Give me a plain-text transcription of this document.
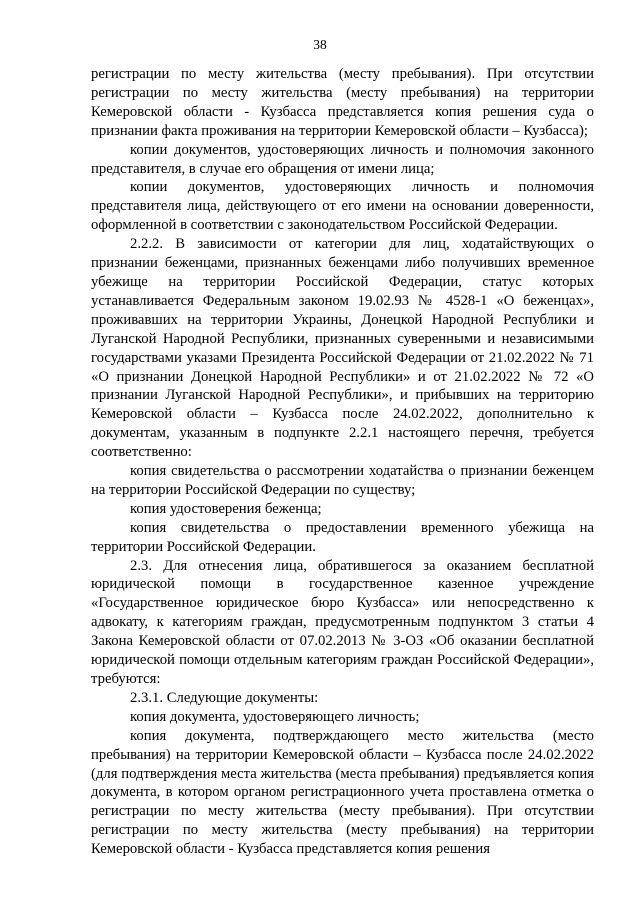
38

регистрации по месту жительства (месту пребывания). При отсутствии регистрации по месту жительства (месту пребывания) на территории Кемеровской области - Кузбасса представляется копия решения суда о признании факта проживания на территории Кемеровской области – Кузбасса);

копии документов, удостоверяющих личность и полномочия законного представителя, в случае его обращения от имени лица;

копии документов, удостоверяющих личность и полномочия представителя лица, действующего от его имени на основании доверенности, оформленной в соответствии с законодательством Российской Федерации.

2.2.2. В зависимости от категории для лиц, ходатайствующих о признании беженцами, признанных беженцами либо получивших временное убежище на территории Российской Федерации, статус которых устанавливается Федеральным законом 19.02.93 № 4528-1 «О беженцах», проживавших на территории Украины, Донецкой Народной Республики и Луганской Народной Республики, признанных суверенными и независимыми государствами указами Президента Российской Федерации от 21.02.2022 № 71 «О признании Донецкой Народной Республики» и от 21.02.2022 № 72 «О признании Луганской Народной Республики», и прибывших на территорию Кемеровской области – Кузбасса после 24.02.2022, дополнительно к документам, указанным в подпункте 2.2.1 настоящего перечня, требуется соответственно:

копия свидетельства о рассмотрении ходатайства о признании беженцем на территории Российской Федерации по существу;

копия удостоверения беженца;

копия свидетельства о предоставлении временного убежища на территории Российской Федерации.

2.3. Для отнесения лица, обратившегося за оказанием бесплатной юридической помощи в государственное казенное учреждение «Государственное юридическое бюро Кузбасса» или непосредственно к адвокату, к категориям граждан, предусмотренным подпунктом 3 статьи 4 Закона Кемеровской области от 07.02.2013 № 3-ОЗ «Об оказании бесплатной юридической помощи отдельным категориям граждан Российской Федерации», требуются:

2.3.1. Следующие документы:

копия документа, удостоверяющего личность;

копия документа, подтверждающего место жительства (место пребывания) на территории Кемеровской области – Кузбасса после 24.02.2022 (для подтверждения места жительства (места пребывания) предъявляется копия документа, в котором органом регистрационного учета проставлена отметка о регистрации по месту жительства (месту пребывания). При отсутствии регистрации по месту жительства (месту пребывания) на территории Кемеровской области - Кузбасса представляется копия решения
